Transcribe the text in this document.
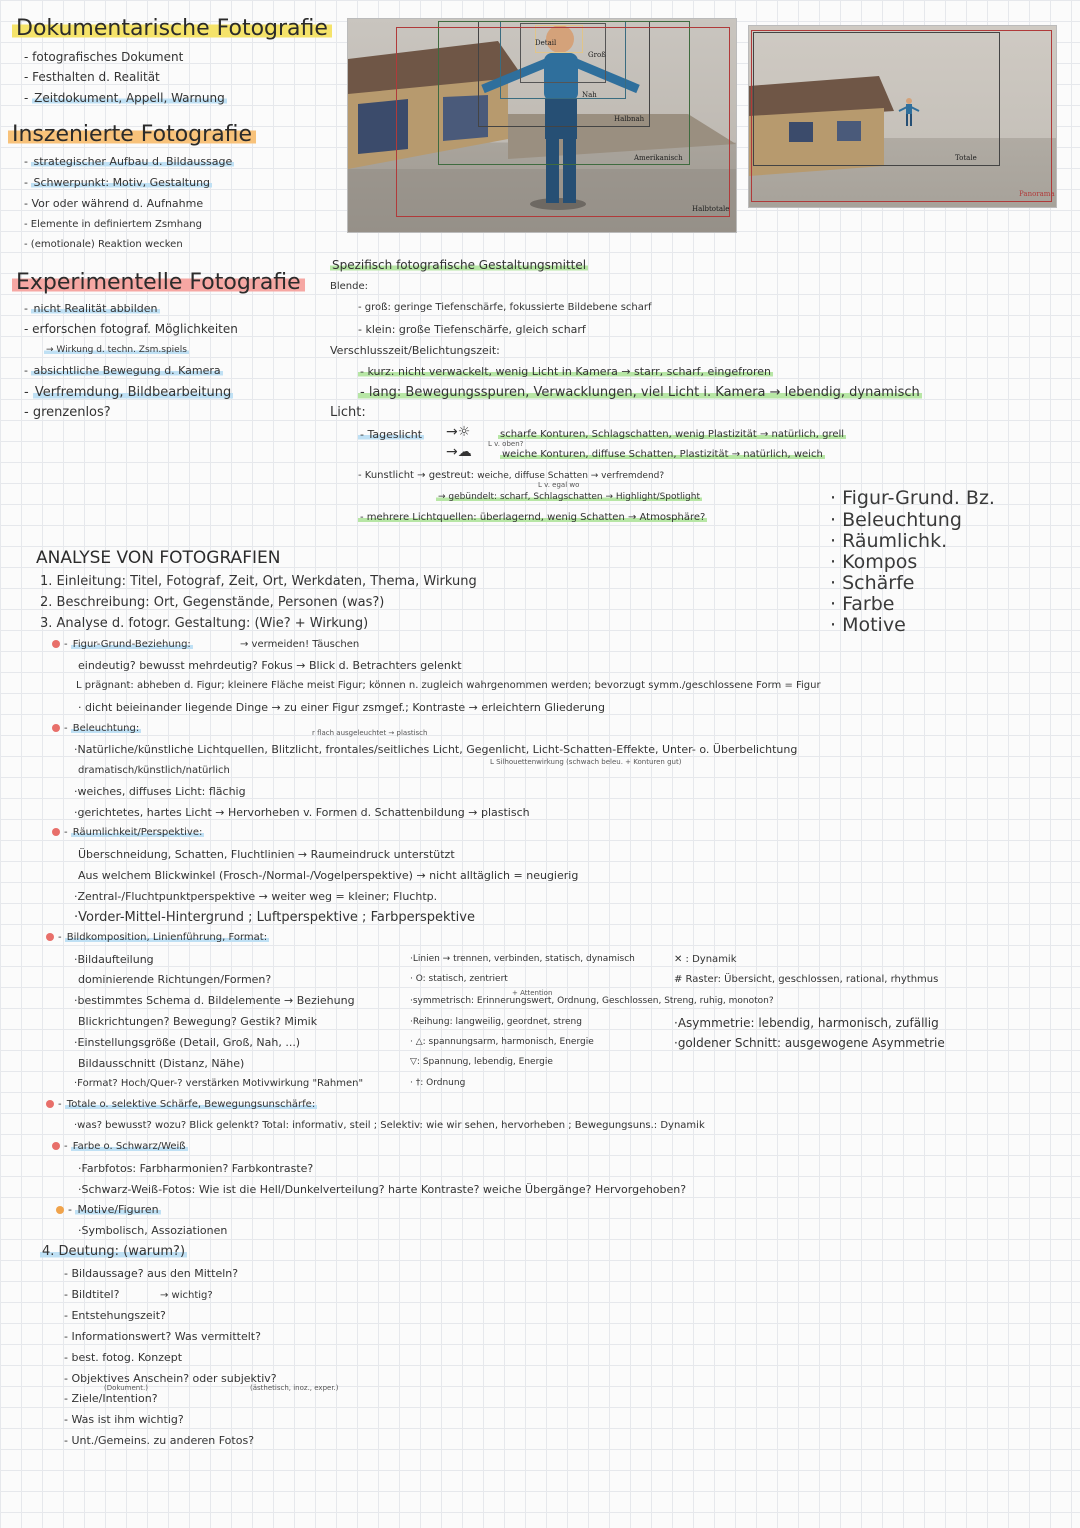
Dokumentarische Fotografie
- fotografisches Dokument
- Festhalten d. Realität
- Zeitdokument, Appell, Warnung
Inszenierte Fotografie
- strategischer Aufbau d. Bildaussage
- Schwerpunkt: Motiv, Gestaltung
- Vor oder während d. Aufnahme
- Elemente in definiertem Zsmhang
- (emotionale) Reaktion wecken
Experimentelle Fotografie
- nicht Realität abbilden
- erforschen fotograf. Möglichkeiten
→ Wirkung d. techn. Zsm.spiels
- absichtliche Bewegung d. Kamera
- Verfremdung, Bildbearbeitung
- grenzenlos?
Detail
Groß
Nah
Halbnah
Amerikanisch
Halbtotale
Totale
Panorama
Spezifisch fotografische Gestaltungsmittel
Blende:
- groß: geringe Tiefenschärfe, fokussierte Bildebene scharf
- klein: große Tiefenschärfe, gleich scharf
Verschlusszeit/Belichtungszeit:
- kurz: nicht verwackelt, wenig Licht in Kamera → starr, scharf, eingefroren
- lang: Bewegungsspuren, Verwacklungen, viel Licht i. Kamera → lebendig, dynamisch
Licht:
- Tageslicht →☼	scharfe Konturen, Schlagschatten, wenig Plastizität → natürlich, grell
L v. oben?
→☁	weiche Konturen, diffuse Schatten, Plastizität → natürlich, weich
- Kunstlicht → gestreut: weiche, diffuse Schatten → verfremdend?
L v. egal wo
→ gebündelt: scharf, Schlagschatten → Highlight/Spotlight
- mehrere Lichtquellen: überlagernd, wenig Schatten → Atmosphäre?
· Figur-Grund. Bz.
· Beleuchtung
· Räumlichk.
· Kompos
· Schärfe
· Farbe
· Motive
ANALYSE VON FOTOGRAFIEN
1. Einleitung: Titel, Fotograf, Zeit, Ort, Werkdaten, Thema, Wirkung
2. Beschreibung: Ort, Gegenstände, Personen (was?)
3. Analyse d. fotogr. Gestaltung: (Wie? + Wirkung)
- Figur-Grund-Beziehung:	→ vermeiden! Täuschen
eindeutig? bewusst mehrdeutig? Fokus → Blick d. Betrachters gelenkt
L prägnant: abheben d. Figur; kleinere Fläche meist Figur; können n. zugleich wahrgenommen werden; bevorzugt symm./geschlossene Form = Figur
· dicht beieinander liegende Dinge → zu einer Figur zsmgef.; Kontraste → erleichtern Gliederung
- Beleuchtung:	r flach ausgeleuchtet → plastisch
·Natürliche/künstliche Lichtquellen, Blitzlicht, frontales/seitliches Licht, Gegenlicht, Licht-Schatten-Effekte, Unter- o. Überbelichtung
L Silhouettenwirkung (schwach beleu. + Konturen gut)
dramatisch/künstlich/natürlich
·weiches, diffuses Licht: flächig
·gerichtetes, hartes Licht → Hervorheben v. Formen d. Schattenbildung → plastisch
- Räumlichkeit/Perspektive:
Überschneidung, Schatten, Fluchtlinien → Raumeindruck unterstützt
Aus welchem Blickwinkel (Frosch-/Normal-/Vogelperspektive) → nicht alltäglich = neugierig
·Zentral-/Fluchtpunktperspektive → weiter weg = kleiner; Fluchtp.
·Vorder-Mittel-Hintergrund ; Luftperspektive ; Farbperspektive
- Bildkomposition, Linienführung, Format:
·Bildaufteilung
dominierende Richtungen/Formen?
·bestimmtes Schema d. Bildelemente → Beziehung
Blickrichtungen? Bewegung? Gestik? Mimik
·Einstellungsgröße (Detail, Groß, Nah, ...)
Bildausschnitt (Distanz, Nähe)
·Format? Hoch/Quer-? verstärken Motivwirkung "Rahmen"
·Linien → trennen, verbinden, statisch, dynamisch
· O: statisch, zentriert
+ Attention
·symmetrisch: Erinnerungswert, Ordnung, Geschlossen, Streng, ruhig, monoton?
·Reihung: langweilig, geordnet, streng
· △: spannungsarm, harmonisch, Energie
▽: Spannung, lebendig, Energie
· †: Ordnung
✕ : Dynamik
# Raster: Übersicht, geschlossen, rational, rhythmus
·Asymmetrie: lebendig, harmonisch, zufällig
·goldener Schnitt: ausgewogene Asymmetrie
- Totale o. selektive Schärfe, Bewegungsunschärfe:
·was? bewusst? wozu? Blick gelenkt? Total: informativ, steil ; Selektiv: wie wir sehen, hervorheben ; Bewegungsuns.: Dynamik
- Farbe o. Schwarz/Weiß
·Farbfotos: Farbharmonien? Farbkontraste?
·Schwarz-Weiß-Fotos: Wie ist die Hell/Dunkelverteilung? harte Kontraste? weiche Übergänge? Hervorgehoben?
- Motive/Figuren
·Symbolisch, Assoziationen
4. Deutung: (warum?)
- Bildaussage? aus den Mitteln?
- Bildtitel?	→ wichtig?
- Entstehungszeit?
- Informationswert? Was vermittelt?
- best. fotog. Konzept
- Objektives Anschein? oder subjektiv?
(Dokument.)	(ästhetisch, inoz., exper.)
- Ziele/Intention?
- Was ist ihm wichtig?
- Unt./Gemeins. zu anderen Fotos?
